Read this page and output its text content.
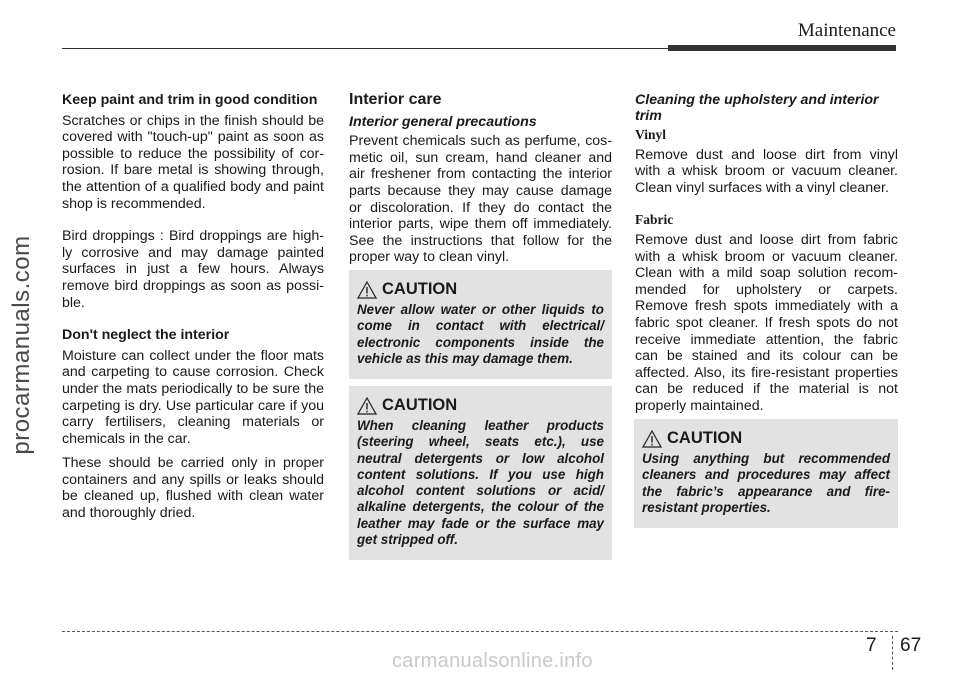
Maintenance
procarmanuals.com

Keep paint and trim in good condition

Scratches or chips in the finish should be covered with "touch-up" paint as soon as possible to reduce the possibility of cor-rosion. If bare metal is showing through, the attention of a qualified body and paint shop is recommended.

Bird droppings : Bird droppings are high-ly corrosive and may damage painted surfaces in just a few hours. Always remove bird droppings as soon as possi-ble.

Don't neglect the interior

Moisture can collect under the floor mats and carpeting to cause corrosion. Check under the mats periodically to be sure the carpeting is dry. Use particular care if you carry fertilisers, cleaning materials or chemicals in the car.

These should be carried only in proper containers and any spills or leaks should be cleaned up, flushed with clean water and thoroughly dried.

Interior care

Interior general precautions

Prevent chemicals such as perfume, cos-metic oil, sun cream, hand cleaner and air freshener from contacting the interior parts because they may cause damage or discoloration. If they do contact the interior parts, wipe them off immediately. See the instructions that follow for the proper way to clean vinyl.

CAUTION

Never allow water or other liquids to come in contact with electrical/ electronic components inside the vehicle as this may damage them.

CAUTION

When cleaning leather products (steering wheel, seats etc.), use neutral detergents or low alcohol content solutions. If you use high alcohol content solutions or acid/ alkaline detergents, the colour of the leather may fade or the surface may get stripped off.

Cleaning the upholstery and interior trim

Vinyl

Remove dust and loose dirt from vinyl with a whisk broom or vacuum cleaner. Clean vinyl surfaces with a vinyl cleaner.

Fabric

Remove dust and loose dirt from fabric with a whisk broom or vacuum cleaner. Clean with a mild soap solution recom-mended for upholstery or carpets. Remove fresh spots immediately with a fabric spot cleaner. If fresh spots do not receive immediate attention, the fabric can be stained and its colour can be affected. Also, its fire-resistant properties can be reduced if the material is not properly maintained.

CAUTION

Using anything but recommended cleaners and procedures may affect the fabric’s appearance and fire-resistant properties.

7 67
carmanualsonline.info
